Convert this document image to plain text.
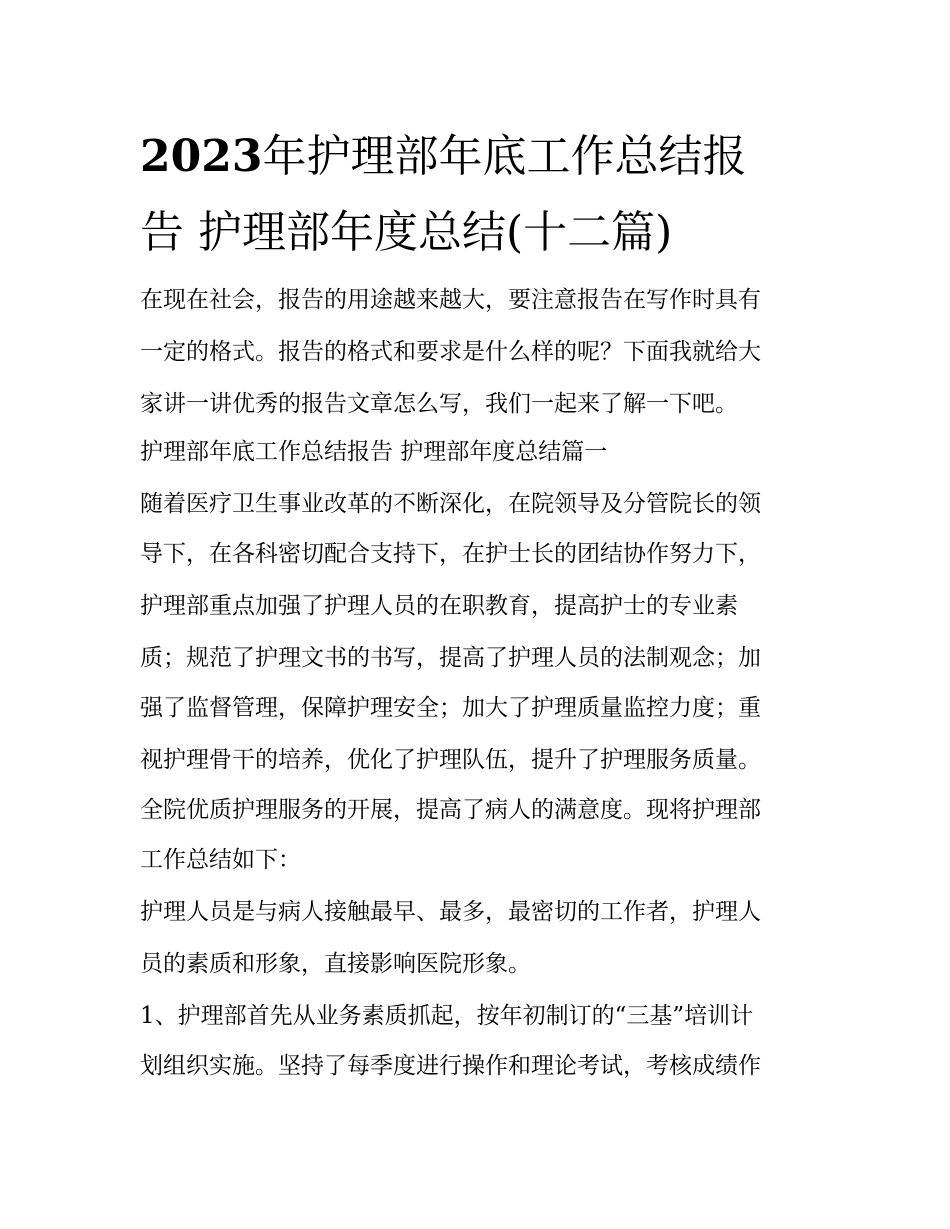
2023年护理部年底工作总结报
告 护理部年度总结(十二篇)

在现在社会，报告的用途越来越大，要注意报告在写作时具有

一定的格式。报告的格式和要求是什么样的呢？下面我就给大

家讲一讲优秀的报告文章怎么写，我们一起来了解一下吧。

护理部年底工作总结报告 护理部年度总结篇一

随着医疗卫生事业改革的不断深化，在院领导及分管院长的领

导下，在各科密切配合支持下，在护士长的团结协作努力下，

护理部重点加强了护理人员的在职教育，提高护士的专业素

质；规范了护理文书的书写，提高了护理人员的法制观念；加

强了监督管理，保障护理安全；加大了护理质量监控力度；重

视护理骨干的培养，优化了护理队伍，提升了护理服务质量。

全院优质护理服务的开展，提高了病人的满意度。现将护理部

工作总结如下：

护理人员是与病人接触最早、最多，最密切的工作者，护理人

员的素质和形象，直接影响医院形象。

1、护理部首先从业务素质抓起，按年初制订的“三基”培训计

划组织实施。坚持了每季度进行操作和理论考试，考核成绩作
